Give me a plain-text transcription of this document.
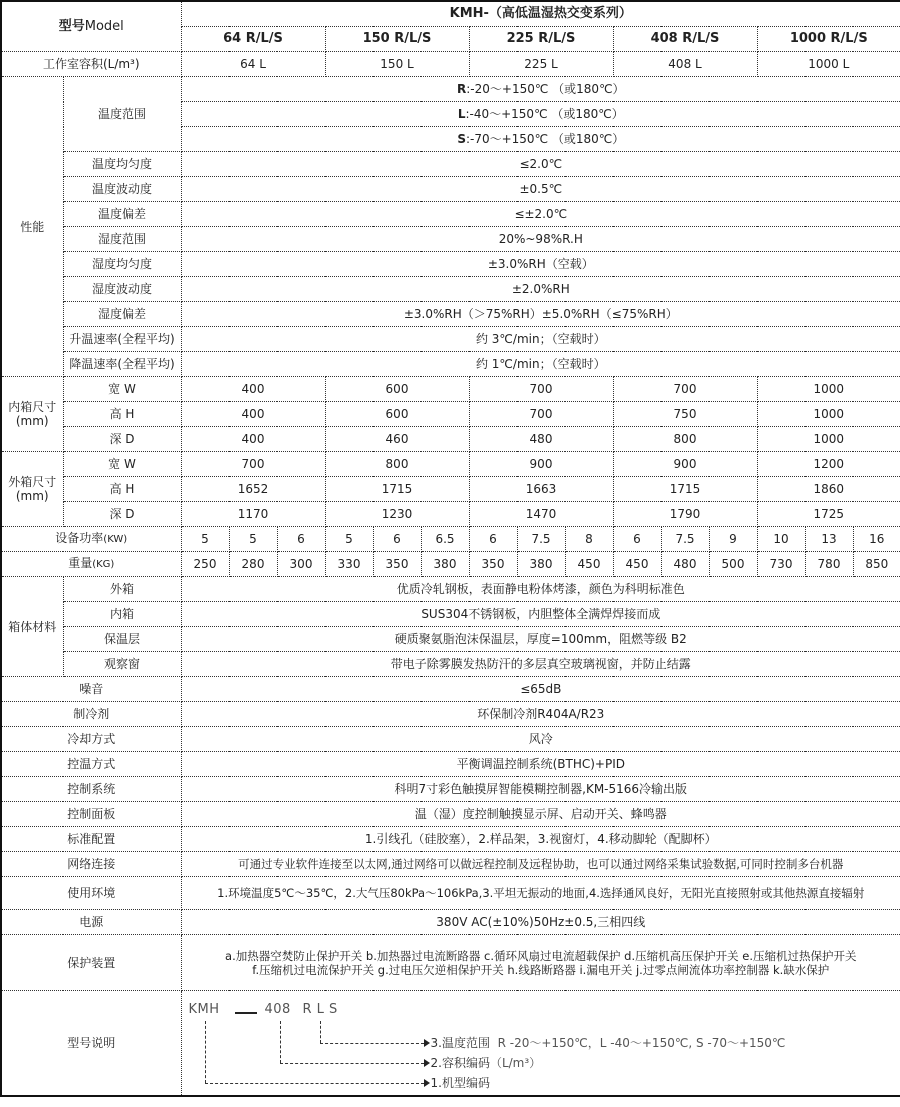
型号Model		KMH-（高低温湿热交变系列）														
		64 R/L/S			150 R/L/S			225 R/L/S			408 R/L/S			1000 R/L/S		
工作室容积(L/m³)		64 L			150 L			225 L			408 L			1000 L		
性能	温度范围	R:-20～+150℃ （或180℃）														
		L:-40～+150℃ （或180℃）														
		S:-70～+150℃ （或180℃）														
	温度均匀度	≤2.0℃														
	温度波动度	±0.5℃														
	温度偏差	≤±2.0℃														
	湿度范围	20%~98%R.H														
	湿度均匀度	±3.0%RH（空载）														
	湿度波动度	±2.0%RH														
	湿度偏差	±3.0%RH（＞75%RH）±5.0%RH（≤75%RH）														
	升温速率(全程平均)	约 3℃/min；（空载时）														
	降温速率(全程平均)	约 1℃/min；（空载时）														
内箱尺寸
(mm)	宽 W	400			600			700			700			1000		
	高 H	400			600			700			750			1000		
	深 D	400			460			480			800			1000		
外箱尺寸
(mm)	宽 W	700			800			900			900			1200		
	高 H	1652			1715			1663			1715			1860		
	深 D	1170			1230			1470			1790			1725		
设备功率(KW)		5	5	6	5	6	6.5	6	7.5	8	6	7.5	9	10	13	16
重量(KG)		250	280	300	330	350	380	350	380	450	450	480	500	730	780	850
箱体材料	外箱	优质冷轧钢板，表面静电粉体烤漆，颜色为科明标准色														
	内箱	SUS304不锈钢板，内胆整体全满焊焊接而成														
	保温层	硬质聚氨脂泡沫保温层，厚度=100mm，阻燃等级 B2														
	观察窗	带电子除雾膜发热防汗的多层真空玻璃视窗，并防止结露														
噪音		≤65dB														
制冷剂		环保制冷剂R404A/R23														
冷却方式		风冷														
控温方式		平衡调温控制系统(BTHC)+PID														
控制系统		科明7寸彩色触摸屏智能模糊控制器,KM-5166冷输出版														
控制面板		温（湿）度控制触摸显示屏、启动开关、蜂鸣器														
标准配置		1.引线孔（硅胶塞），2.样品架，3.视窗灯，4.移动脚轮（配脚杯）														
网络连接		可通过专业软件连接至以太网,通过网络可以做远程控制及远程协助，也可以通过网络采集试验数据,可同时控制多台机器														
使用环境		1.环境温度5℃～35℃，2.大气压80kPa～106kPa,3.平坦无振动的地面,4.选择通风良好，无阳光直接照射或其他热源直接辐射														
电源		380V AC(±10%)50Hz±0.5,三相四线														
保护装置		a.加热器空焚防止保护开关 b.加热器过电流断路器 c.循环风扇过电流超载保护 d.压缩机高压保护开关 e.压缩机过热保护开关
f.压缩机过电流保护开关 g.过电压欠逆相保护开关 h.线路断路器 i.漏电开关 j.过零点闸流体功率控制器 k.缺水保护														

型号说明	
KMH	408 R L S
3.温度范围 R -20～+150℃，L -40～+150℃, S -70～+150℃
2.容积编码（L/m³）
1.机型编码
